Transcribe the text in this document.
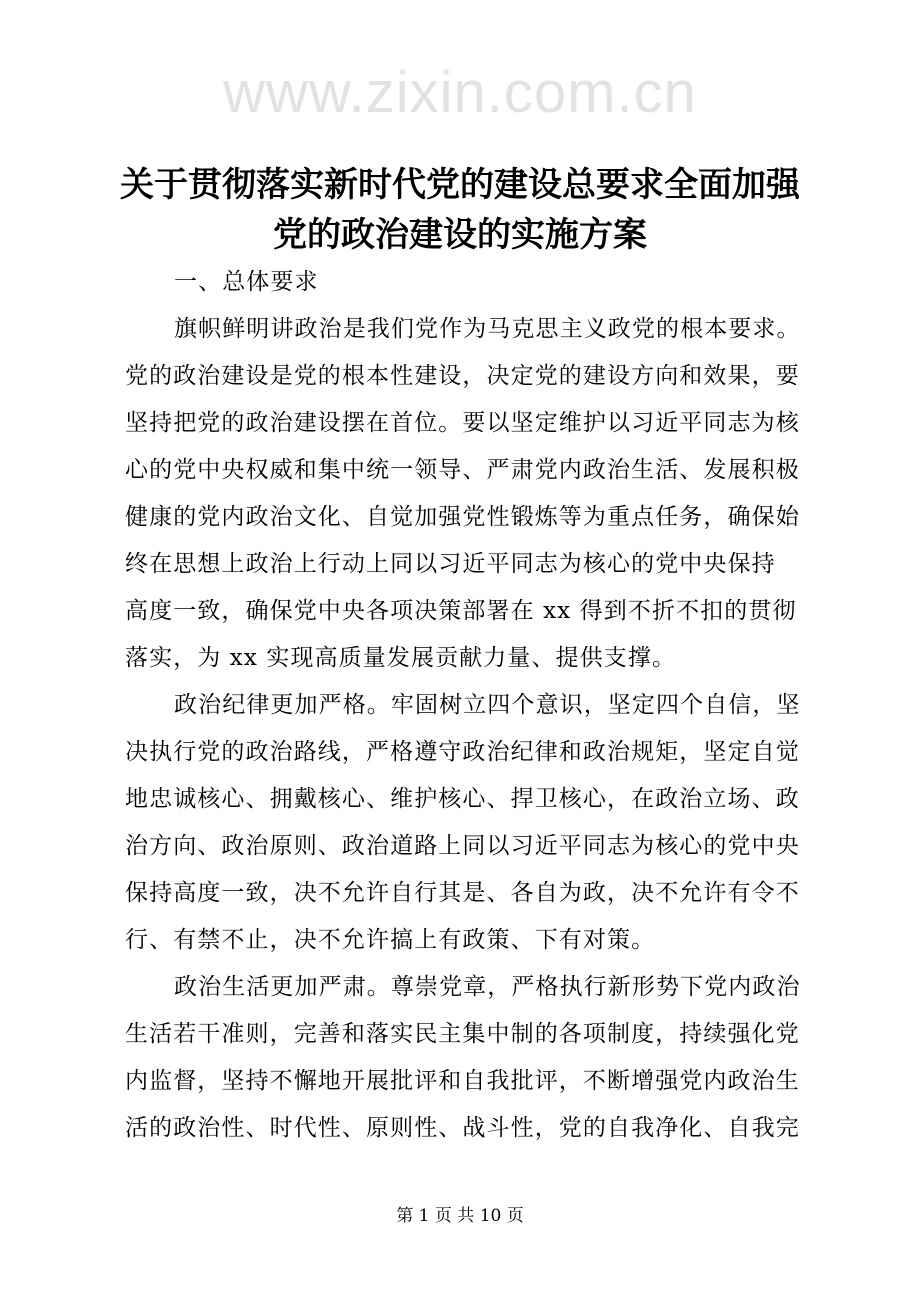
www.zixin.com.cn
关于贯彻落实新时代党的建设总要求全面加强
党的政治建设的实施方案
一、总体要求
旗帜鲜明讲政治是我们党作为马克思主义政党的根本要求。
党的政治建设是党的根本性建设，决定党的建设方向和效果，要
坚持把党的政治建设摆在首位。要以坚定维护以习近平同志为核
心的党中央权威和集中统一领导、严肃党内政治生活、发展积极
健康的党内政治文化、自觉加强党性锻炼等为重点任务，确保始
终在思想上政治上行动上同以习近平同志为核心的党中央保持
高度一致，确保党中央各项决策部署在 xx 得到不折不扣的贯彻
落实，为 xx 实现高质量发展贡献力量、提供支撑。
政治纪律更加严格。牢固树立四个意识，坚定四个自信，坚
决执行党的政治路线，严格遵守政治纪律和政治规矩，坚定自觉
地忠诚核心、拥戴核心、维护核心、捍卫核心，在政治立场、政
治方向、政治原则、政治道路上同以习近平同志为核心的党中央
保持高度一致，决不允许自行其是、各自为政，决不允许有令不
行、有禁不止，决不允许搞上有政策、下有对策。
政治生活更加严肃。尊崇党章，严格执行新形势下党内政治
生活若干准则，完善和落实民主集中制的各项制度，持续强化党
内监督，坚持不懈地开展批评和自我批评，不断增强党内政治生
活的政治性、时代性、原则性、战斗性，党的自我净化、自我完
第 1 页 共 10 页
